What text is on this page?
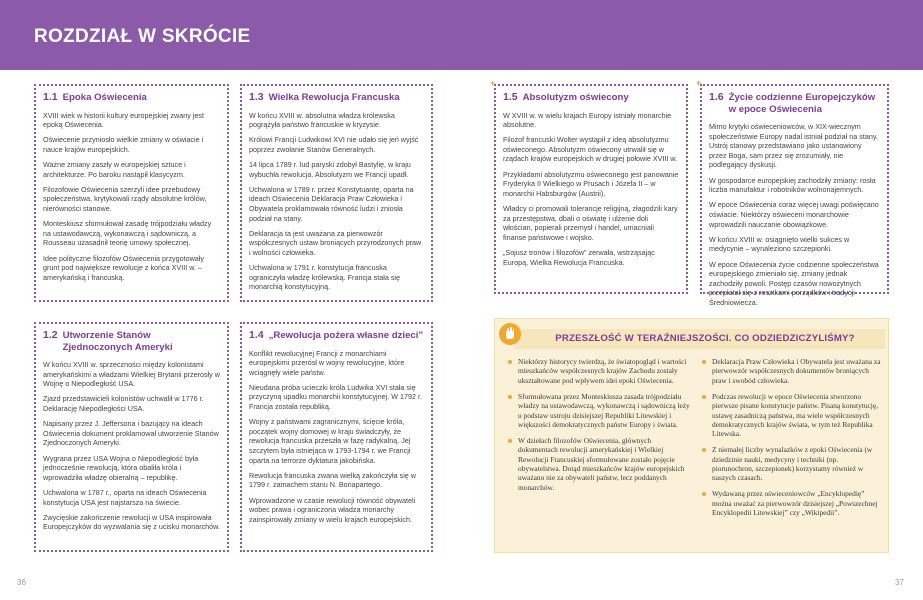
ROZDZIAŁ W SKRÓCIE
1.1 Epoka Oświecenia

XVIII wiek w historii kultury europejskiej zwany jest epoką Oświecenia.

Oświecenie przyniosło wielkie zmiany w oświacie i nauce krajów europejskich.

Ważne zmiany zaszły w europejskiej sztuce i architekturze. Po baroku nastąpił klasycyzm.

Filozofowie Oświecenia szerzyli idee przebudowy społeczeństwa, krytykowali rządy absolutne królów, nierówności stanowe.

Monteskiusz sformułował zasadę trójpodziału władzy na ustawodawczą, wykonawczą i sądowniczą, a Rousseau uzasadnił teorię umowy społecznej.

Idee polityczne filozofów Oświecenia przygotowały grunt pod największe rewolucje z końca XVIII w. – amerykańską i francuską.

1.3 Wielka Rewolucja Francuska

W końcu XVIII w. absolutna władza królewska pogrążyła państwo francuskie w kryzysie.

Królowi Francji Ludwikowi XVI nie udało się jeń wyjść poprzez zwołanie Stanów Generalnych.

14 lipca 1789 r. lud paryski zdobył Bastylię, w kraju wybuchła rewolucja. Absolutyzm we Francji upadł.

Uchwalona w 1789 r. przez Konstytuantę, oparta na ideach Oświecenia Deklaracja Praw Człowieka i Obywatela proklamowała równość ludzi i zniosła podział na stany.

Deklaracja ta jest uważana za pierwowzór współczesnych ustaw broniących przyrodzonych praw i wolności człowieka.

Uchwalona w 1791 r. konstytucja francuska ograniczyła władzę królewską. Francja stała się monarchią konstytucyjną.

1.5 Absolutyzm oświecony

W XVIII w. w wielu krajach Europy istniały monarchie absolutne.

Filozof francuski Wolter wystąpił z ideą absolutyzmu oświeconego. Absolutyzm oświecony utrwalił się w rządach krajów europejskich w drugiej połowie XVIII w.

Przykładami absolutyzmu oświeconego jest panowanie Fryderyka II Wielkiego w Prusach i Józefa II – w monarchii Habsburgów (Austrii).

Władcy ci promowali tolerancje religijną, złagodzili kary za przestępstwa, dbali o oświatę i ulżenie doli włościan, popierali przemysł i handel, umacniali finanse państwowe i wojsko.

„Sojusz tronów i filozofów” zerwała, wstrząsając Europą, Wielka Rewolucja Francuska.

+
1.6 Życie codzienne Europejczyków w epoce Oświecenia

Mimo krytyki oświeceniowców, w XIX-wiecznym społeczeństwie Europy nadal istniał podział na stany. Ustrój stanowy przedstawiano jako ustanowiony przez Boga, sam przez się zrozumiały, nie podlegający dyskusji.

W gospodarce europejskiej zachodziły zmiany: rosła liczba manufaktur i robotników wolnonajemnych.

W epoce Oświecenia coraz więcej uwagi poświęcano oświacie. Niektórzy oświeceni monarchowie wprowadzili nauczanie obowiązkowe.

W końcu XVIII w. osiągnięto wielki sukces w medycynie – wynaleziono szczepionki.

W epoce Oświecenia życie codzienne społeczeństwa europejskiego zmieniało się, zmiany jednak zachodziły powoli. Postęp czasów nowożytnych przeplatał się z resztkami porządków i tradycji Średniowiecza.

+
1.2 Utworzenie Stanów Zjednoczonych Ameryki

W końcu XVIII w. sprzeczności między kolonistami amerykańskimi a władzami Wielkiej Brytanii przerosły w Wojnę o Niepodległość USA.

Zjazd przedstawicieli kolonistów uchwalił w 1776 r. Deklarację Niepodległości USA.

Napisany przez J. Jeffersona i bazujący na ideach Oświecenia dokument proklamował utworzenie Stanów Zjednoczonych Ameryki.

Wygrana przez USA Wojna o Niepodległość była jednocześnie rewolucją, która obaliła króla i wprowadziła władzę obieralną – republikę.

Uchwalona w 1787 r., oparta na ideach Oświecenia konstytucja USA jest najstarsza na świecie.

Zwycięskie zakończenie rewolucji w USA inspirowała Europejczyków do wyzwalania się z ucisku monarchów.

1.4 „Rewolucja pożera własne dzieci”

Konflikt rewolucyjnej Francji z monarchiami europejskimi przerósł w wojny rewolucyjne, które wciągnęły wiele państw.

Nieudana próba ucieczki króla Ludwika XVI stała się przyczyną upadku monarchii konstytucyjnej. W 1792 r. Francja została republiką.

Wojny z państwami zagranicznymi, ścięcie króla, początek wojny domowej w kraju świadczyły, że rewolucja francuska przeszła w fazę radykalną. Jej szczytem była istniejąca w 1793-1794 r. we Francji oparta na terrorze dyktatura jakobińska.

Rewolucja francuska zwana wielką zakończyła się w 1799 r. zamachem stanu N. Bonapartego.

Wprowadzone w czasie rewolucji równość obywateli wobec prawa i ograniczona władza monarchy zainspirowały zmiany w wielu krajach europejskich.

PRZESZŁOŚĆ W TERAŹNIEJSZOŚCI. CO ODZIEDZICZYLIŚMY?
Niektórzy historycy twierdzą, że światopogląd i wartości mieszkańców współczesnych krajów Zachodu zostały ukształtowane pod wpływem idei epoki Oświecenia.
Sformułowana przez Monteskiusza zasada trójpodziału władzy na ustawodawczą, wykonawczą i sądowniczą leży u podstaw ustroju dzisiejszej Republiki Litewskiej i większości demokratycznych państw Europy i świata.
W dziełach filozofów Oświecenia, głównych dokumentach rewolucji amerykańskiej i Wielkiej Rewolucji Francuskiej sformułowane zostało pojęcie obywatelstwa. Dotąd mieszkańców krajów europejskich uważano nie za obywateli państw, lecz poddanych monarchów.
Deklaracja Praw Człowieka i Obywatela jest uważana za pierwowzór współczesnych dokumentów broniących praw i swobód człowieka.
Podczas rewolucji w epoce Oświecenia stworzono pierwsze pisane konstytucje państw. Pisaną konstytucję, ustawę zasadniczą państwa, ma wiele współczesnych demokratycznych krajów świata, w tym też Republika Litewska.
Z niemałej liczby wynalazków z epoki Oświecenia (w dziedzinie nauki, medycyny i techniki (np. piorunochron, szczepionek) korzystamy również w naszych czasach.
Wydawaną przez oświeceniowców „Encyklopedię” można uważać za pierwowzór dzisiejszej „Powszechnej Encyklopedii Litewskiej” czy „Wikipedii”.
36	37
